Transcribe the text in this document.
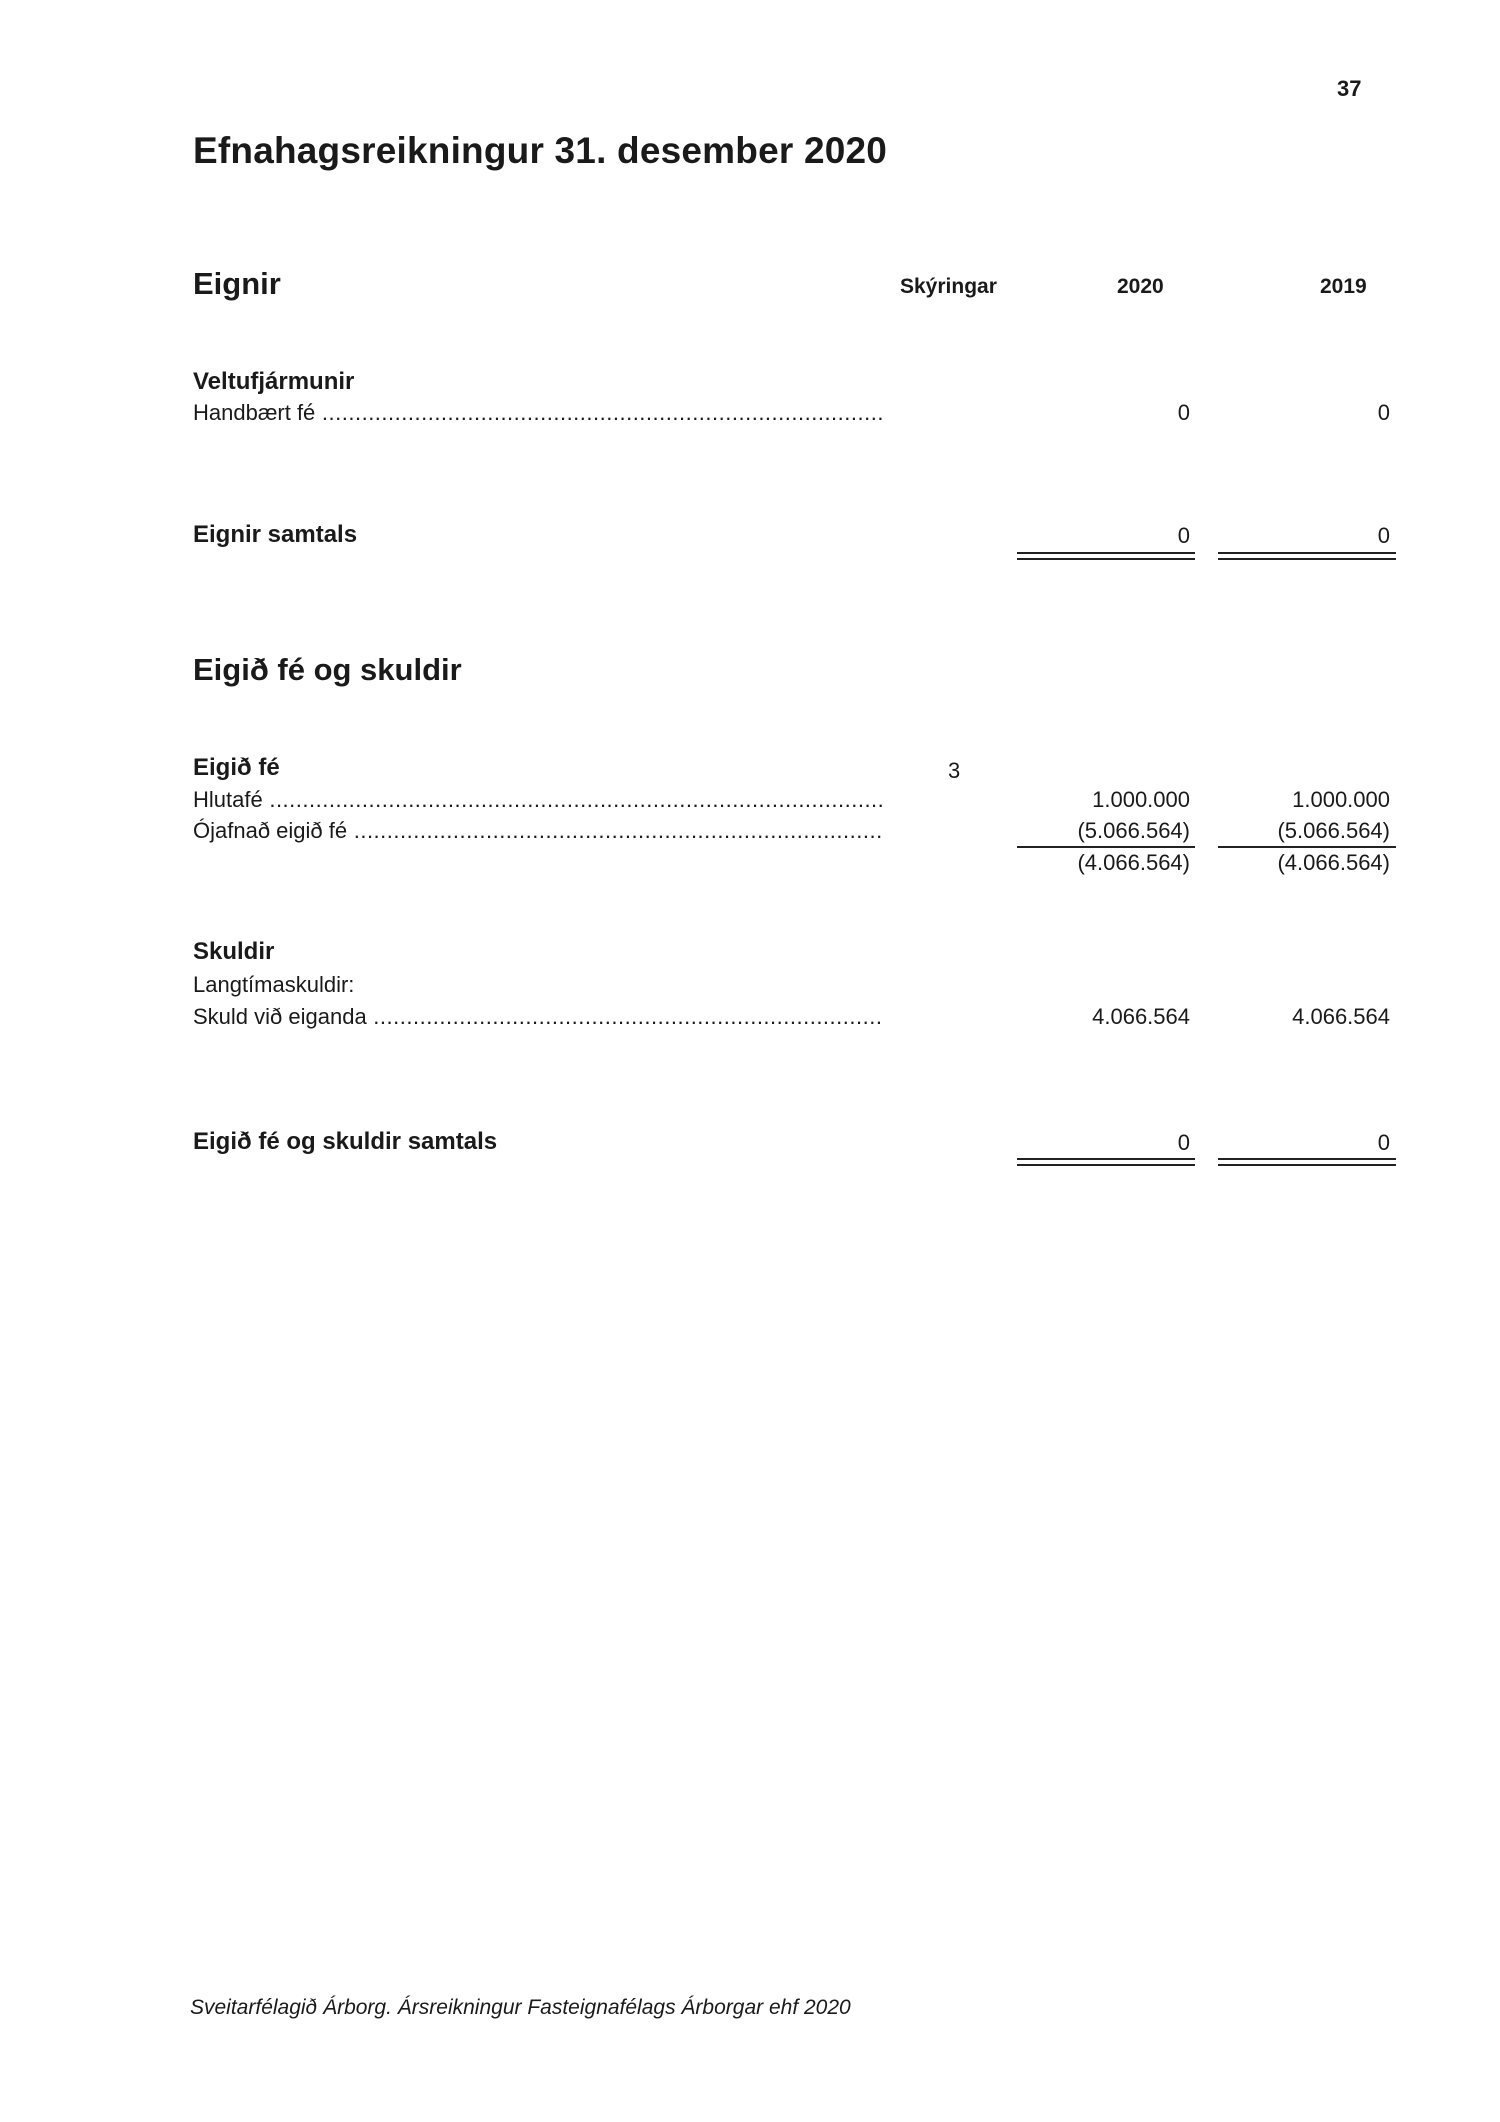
37
Efnahagsreikningur 31. desember 2020
Eignir	Skýringar	2020	2019
Veltufjármunir
Handbært fé .....	0	0
Eignir samtals	0	0
Eigið fé og skuldir
Eigið fé	3
Hlutafé .....	1.000.000	1.000.000
Ójafnað eigið fé .....	(5.066.564)	(5.066.564)
(4.066.564)	(4.066.564)
Skuldir
Langtímaskuldir:
Skuld við eiganda .....	4.066.564	4.066.564
Eigið fé og skuldir samtals	0	0
Sveitarfélagið Árborg. Ársreikningur Fasteignafélags Árborgar ehf 2020
